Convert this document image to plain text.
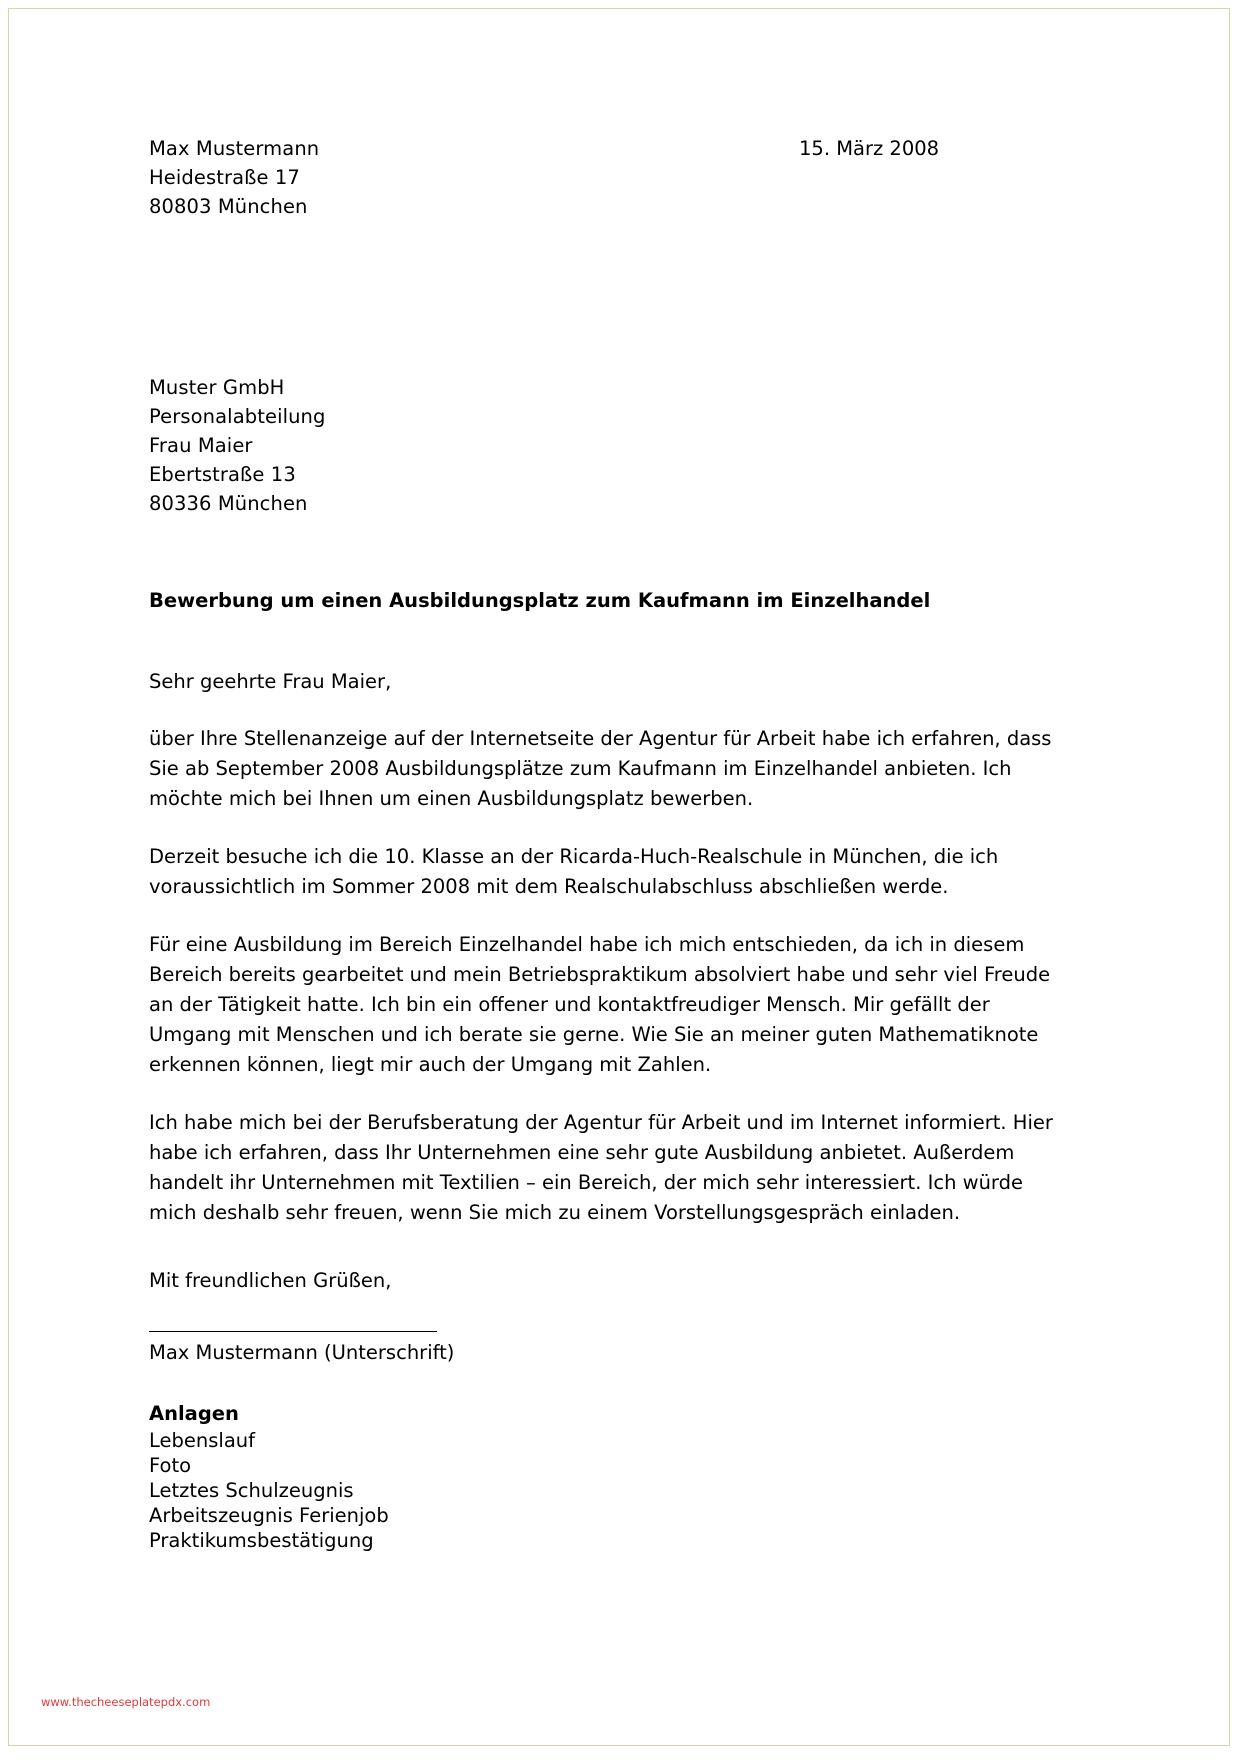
Max Mustermann
Heidestraße 17
80803 München
15. März 2008
Muster GmbH
Personalabteilung
Frau Maier
Ebertstraße 13
80336 München
Bewerbung um einen Ausbildungsplatz zum Kaufmann im Einzelhandel
Sehr geehrte Frau Maier,
über Ihre Stellenanzeige auf der Internetseite der Agentur für Arbeit habe ich erfahren, dass Sie ab September 2008 Ausbildungsplätze zum Kaufmann im Einzelhandel anbieten. Ich möchte mich bei Ihnen um einen Ausbildungsplatz bewerben.
Derzeit besuche ich die 10. Klasse an der Ricarda-Huch-Realschule in München, die ich voraussichtlich im Sommer 2008 mit dem Realschulabschluss abschließen werde.
Für eine Ausbildung im Bereich Einzelhandel habe ich mich entschieden, da ich in diesem Bereich bereits gearbeitet und mein Betriebspraktikum absolviert habe und sehr viel Freude an der Tätigkeit hatte. Ich bin ein offener und kontaktfreudiger Mensch. Mir gefällt der Umgang mit Menschen und ich berate sie gerne. Wie Sie an meiner guten Mathematiknote erkennen können, liegt mir auch der Umgang mit Zahlen.
Ich habe mich bei der Berufsberatung der Agentur für Arbeit und im Internet informiert. Hier habe ich erfahren, dass Ihr Unternehmen eine sehr gute Ausbildung anbietet. Außerdem handelt ihr Unternehmen mit Textilien – ein Bereich, der mich sehr interessiert. Ich würde mich deshalb sehr freuen, wenn Sie mich zu einem Vorstellungsgespräch einladen.
Mit freundlichen Grüßen,
Max Mustermann (Unterschrift)
Anlagen
Lebenslauf
Foto
Letztes Schulzeugnis
Arbeitszeugnis Ferienjob
Praktikumsbestätigung
www.thecheeseplatepdx.com
